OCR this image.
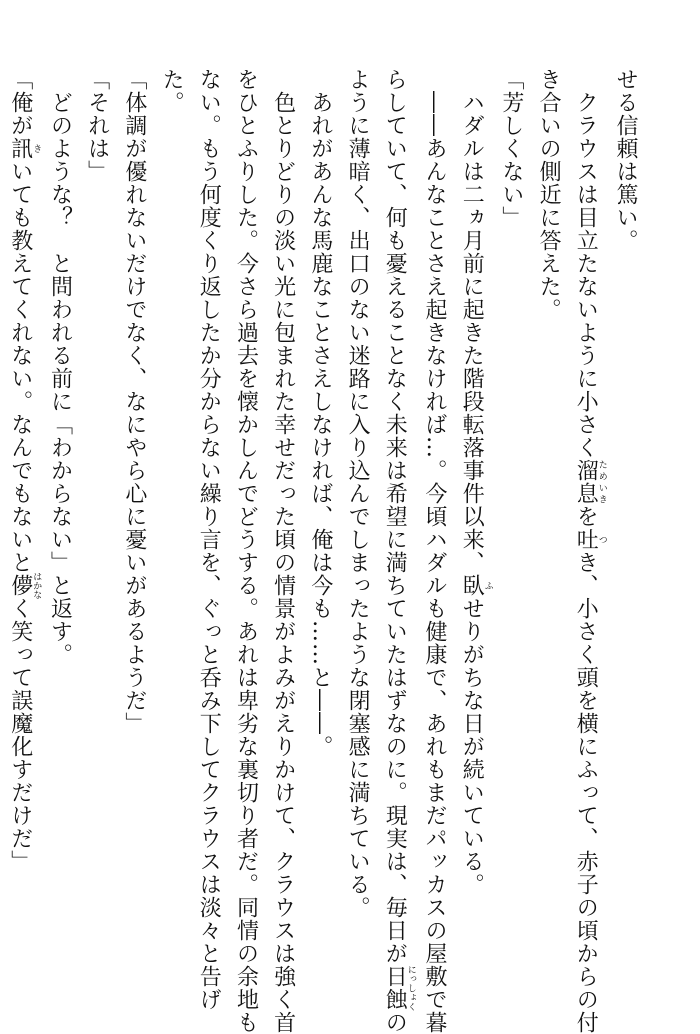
せる信頼は篤い。
　クラウスは目立たないように小さく溜息ためいきを吐つき、小さく頭を横にふって、赤子の頃からの付
き合いの側近に答えた。
「芳しくない」
　ハダルは二ヵ月前に起きた階段転落事件以来、臥ふせりがちな日が続いている。
　――あんなことさえ起きなければ…。今頃ハダルも健康で、あれもまだパッカスの屋敷で暮
らしていて、何も憂えることなく未来は希望に満ちていたはずなのに。現実は、毎日が日蝕にっしょくの
ように薄暗く、出口のない迷路に入り込んでしまったような閉塞感に満ちている。
　あれがあんな馬鹿なことさえしなければ、俺は今も……と――。
　色とりどりの淡い光に包まれた幸せだった頃の情景がよみがえりかけて、クラウスは強く首
をひとふりした。今さら過去を懐かしんでどうする。あれは卑劣な裏切り者だ。同情の余地も
ない。もう何度くり返したか分からない繰り言を、ぐっと呑み下してクラウスは淡々と告げ
た。
「体調が優れないだけでなく、なにやら心に憂いがあるようだ」
「それは」
　どのような？　と問われる前に「わからない」と返す。
「俺が訊きいても教えてくれない。なんでもないと儚はかなく笑って誤魔化すだけだ」
